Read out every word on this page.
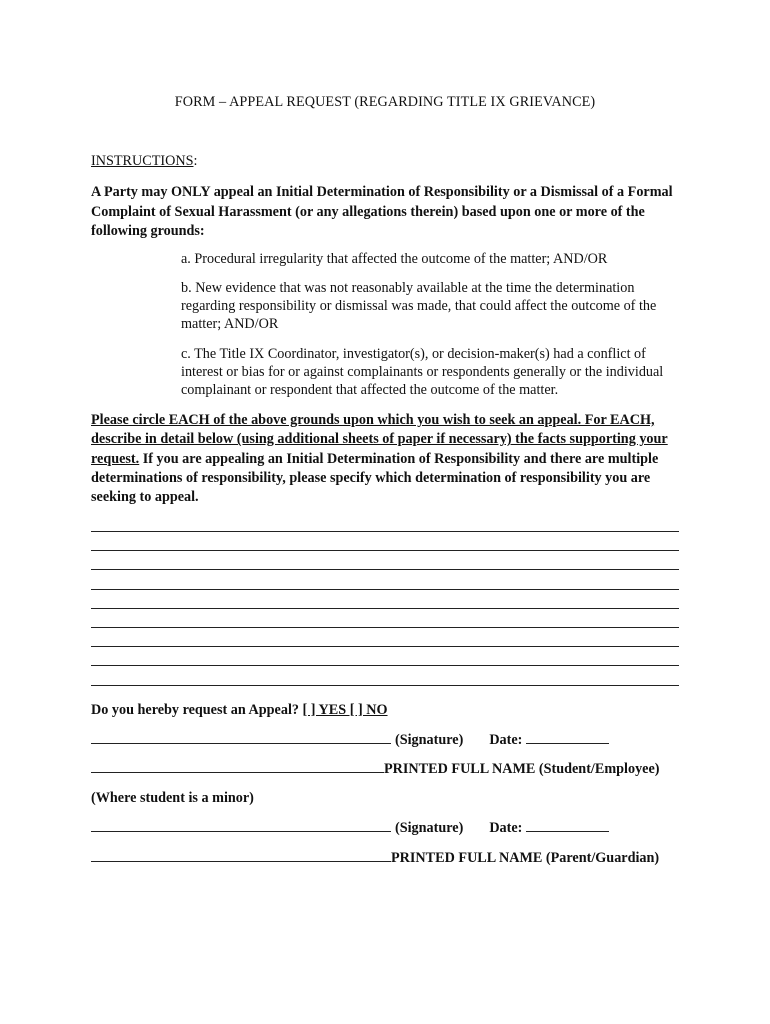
FORM – APPEAL REQUEST (REGARDING TITLE IX GRIEVANCE)
INSTRUCTIONS:
A Party may ONLY appeal an Initial Determination of Responsibility or a Dismissal of a Formal Complaint of Sexual Harassment (or any allegations therein) based upon one or more of the following grounds:
a. Procedural irregularity that affected the outcome of the matter; AND/OR
b. New evidence that was not reasonably available at the time the determination regarding responsibility or dismissal was made, that could affect the outcome of the matter; AND/OR
c. The Title IX Coordinator, investigator(s), or decision-maker(s) had a conflict of interest or bias for or against complainants or respondents generally or the individual complainant or respondent that affected the outcome of the matter.
Please circle EACH of the above grounds upon which you wish to seek an appeal. For EACH, describe in detail below (using additional sheets of paper if necessary) the facts supporting your request. If you are appealing an Initial Determination of Responsibility and there are multiple determinations of responsibility, please specify which determination of responsibility you are seeking to appeal.
Do you hereby request an Appeal? [ ] YES [ ] NO
(Signature) Date:
PRINTED FULL NAME (Student/Employee)
(Where student is a minor)
(Signature) Date:
PRINTED FULL NAME (Parent/Guardian)
